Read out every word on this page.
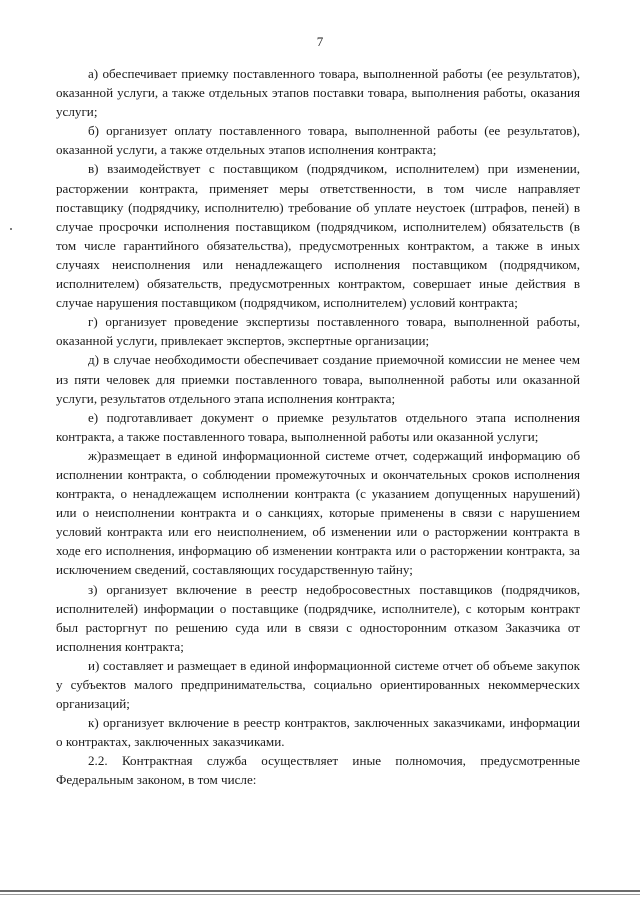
7

а) обеспечивает приемку поставленного товара, выполненной работы (ее результатов), оказанной услуги, а также отдельных этапов поставки товара, выполнения работы, оказания услуги;

б) организует оплату поставленного товара, выполненной работы (ее результатов), оказанной услуги, а также отдельных этапов исполнения контракта;

в) взаимодействует с поставщиком (подрядчиком, исполнителем) при изменении, расторжении контракта, применяет меры ответственности, в том числе направляет поставщику (подрядчику, исполнителю) требование об уплате неустоек (штрафов, пеней) в случае просрочки исполнения поставщиком (подрядчиком, исполнителем) обязательств (в том числе гарантийного обязательства), предусмотренных контрактом, а также в иных случаях неисполнения или ненадлежащего исполнения поставщиком (подрядчиком, исполнителем) обязательств, предусмотренных контрактом, совершает иные действия в случае нарушения поставщиком (подрядчиком, исполнителем) условий контракта;

г) организует проведение экспертизы поставленного товара, выполненной работы, оказанной услуги, привлекает экспертов, экспертные организации;

д) в случае необходимости обеспечивает создание приемочной комиссии не менее чем из пяти человек для приемки поставленного товара, выполненной работы или оказанной услуги, результатов отдельного этапа исполнения контракта;

е) подготавливает документ о приемке результатов отдельного этапа исполнения контракта, а также поставленного товара, выполненной работы или оказанной услуги;

ж)размещает в единой информационной системе отчет, содержащий информацию об исполнении контракта, о соблюдении промежуточных и окончательных сроков исполнения контракта, о ненадлежащем исполнении контракта (с указанием допущенных нарушений) или о неисполнении контракта и о санкциях, которые применены в связи с нарушением условий контракта или его неисполнением, об изменении или о расторжении контракта в ходе его исполнения, информацию об изменении контракта или о расторжении контракта, за исключением сведений, составляющих государственную тайну;

з) организует включение в реестр недобросовестных поставщиков (подрядчиков, исполнителей) информации о поставщике (подрядчике, исполнителе), с которым контракт был расторгнут по решению суда или в связи с односторонним отказом Заказчика от исполнения контракта;

и) составляет и размещает в единой информационной системе отчет об объеме закупок у субъектов малого предпринимательства, социально ориентированных некоммерческих организаций;

к) организует включение в реестр контрактов, заключенных заказчиками, информации о контрактах, заключенных заказчиками.

2.2. Контрактная служба осуществляет иные полномочия, предусмотренные Федеральным законом, в том числе:
